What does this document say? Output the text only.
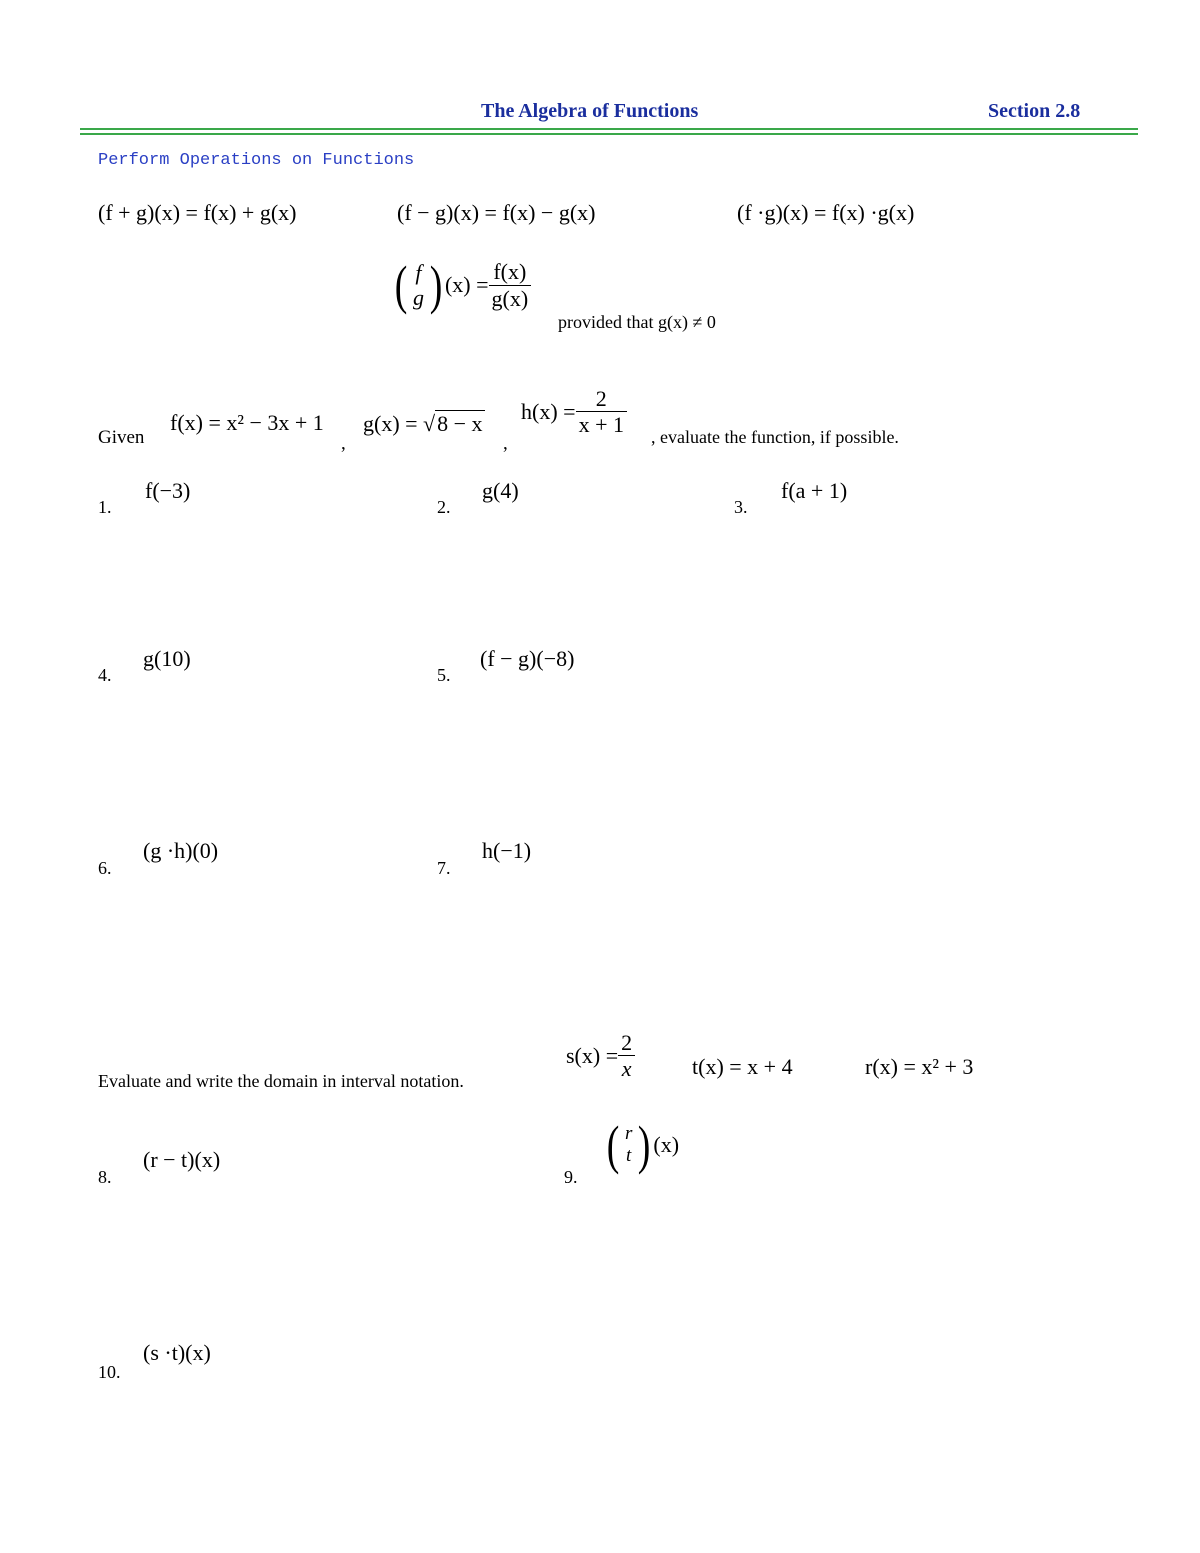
The Algebra of Functions	Section 2.8
Perform Operations on Functions
(f + g)(x) = f(x) + g(x)	(f − g)(x) = f(x) − g(x)	(f ·g)(x) = f(x) ·g(x)
( f
g ) $(x) = \frac{f(x)}{g(x)}$
provided that g(x) ≠ 0
Given
f(x) = x² − 3x + 1
,
g(x) = √8 − x
,
$h(x) = \frac{2}{x + 1}$ , evaluate the function, if possible.
1.
f(−3)
2.
g(4)
3.
f(a + 1)
4.
g(10)
5.
(f − g)(−8)
6.
(g ·h)(0)
7.
h(−1)
Evaluate and write the domain in interval notation.
$s(x) = \frac{2}{x}$	t(x) = x + 4	r(x) = x² + 3
8.
(r − t)(x)
9.
( r
t ) (x)
10.
(s ·t)(x)
